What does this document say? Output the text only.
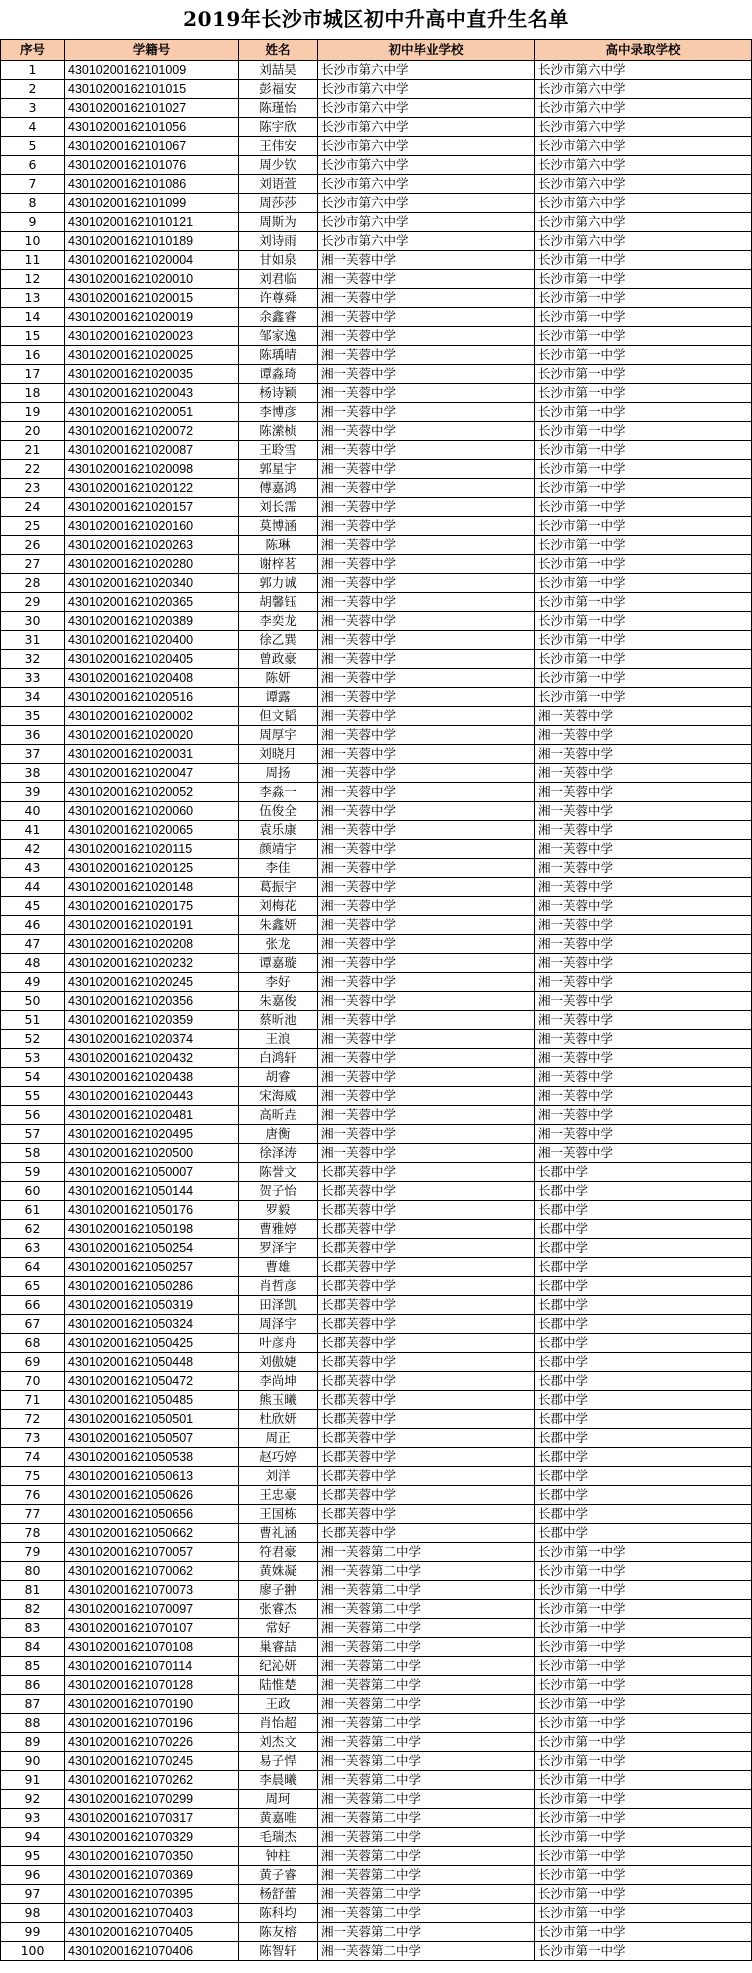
2019年长沙市城区初中升高中直升生名单
序号	学籍号	姓名	初中毕业学校	高中录取学校
1	43010200162101009	刘喆昊	长沙市第六中学	长沙市第六中学
2	43010200162101015	彭福安	长沙市第六中学	长沙市第六中学
3	43010200162101027	陈瑾怡	长沙市第六中学	长沙市第六中学
4	43010200162101056	陈宇欣	长沙市第六中学	长沙市第六中学
5	43010200162101067	王伟安	长沙市第六中学	长沙市第六中学
6	43010200162101076	周少钦	长沙市第六中学	长沙市第六中学
7	43010200162101086	刘语萱	长沙市第六中学	长沙市第六中学
8	43010200162101099	周莎莎	长沙市第六中学	长沙市第六中学
9	430102001621010121	周斯为	长沙市第六中学	长沙市第六中学
10	430102001621010189	刘诗雨	长沙市第六中学	长沙市第六中学
11	430102001621020004	甘如泉	湘一芙蓉中学	长沙市第一中学
12	430102001621020010	刘君临	湘一芙蓉中学	长沙市第一中学
13	430102001621020015	许尊舜	湘一芙蓉中学	长沙市第一中学
14	430102001621020019	余鑫睿	湘一芙蓉中学	长沙市第一中学
15	430102001621020023	邹家逸	湘一芙蓉中学	长沙市第一中学
16	430102001621020025	陈瑀晴	湘一芙蓉中学	长沙市第一中学
17	430102001621020035	谭淼琦	湘一芙蓉中学	长沙市第一中学
18	430102001621020043	杨诗颖	湘一芙蓉中学	长沙市第一中学
19	430102001621020051	李博彦	湘一芙蓉中学	长沙市第一中学
20	430102001621020072	陈潆桢	湘一芙蓉中学	长沙市第一中学
21	430102001621020087	王聆雪	湘一芙蓉中学	长沙市第一中学
22	430102001621020098	郭星宇	湘一芙蓉中学	长沙市第一中学
23	430102001621020122	傅嘉鸿	湘一芙蓉中学	长沙市第一中学
24	430102001621020157	刘长霈	湘一芙蓉中学	长沙市第一中学
25	430102001621020160	莫博涵	湘一芙蓉中学	长沙市第一中学
26	430102001621020263	陈琳	湘一芙蓉中学	长沙市第一中学
27	430102001621020280	谢梓茗	湘一芙蓉中学	长沙市第一中学
28	430102001621020340	郭力诚	湘一芙蓉中学	长沙市第一中学
29	430102001621020365	胡馨钰	湘一芙蓉中学	长沙市第一中学
30	430102001621020389	李奕龙	湘一芙蓉中学	长沙市第一中学
31	430102001621020400	徐乙巽	湘一芙蓉中学	长沙市第一中学
32	430102001621020405	曾政豪	湘一芙蓉中学	长沙市第一中学
33	430102001621020408	陈妍	湘一芙蓉中学	长沙市第一中学
34	430102001621020516	谭露	湘一芙蓉中学	长沙市第一中学
35	430102001621020002	但文韬	湘一芙蓉中学	湘一芙蓉中学
36	430102001621020020	周厚宇	湘一芙蓉中学	湘一芙蓉中学
37	430102001621020031	刘晓月	湘一芙蓉中学	湘一芙蓉中学
38	430102001621020047	周扬	湘一芙蓉中学	湘一芙蓉中学
39	430102001621020052	李淼一	湘一芙蓉中学	湘一芙蓉中学
40	430102001621020060	伍俊全	湘一芙蓉中学	湘一芙蓉中学
41	430102001621020065	袁乐康	湘一芙蓉中学	湘一芙蓉中学
42	430102001621020115	颜靖宇	湘一芙蓉中学	湘一芙蓉中学
43	430102001621020125	李佳	湘一芙蓉中学	湘一芙蓉中学
44	430102001621020148	葛振宇	湘一芙蓉中学	湘一芙蓉中学
45	430102001621020175	刘梅花	湘一芙蓉中学	湘一芙蓉中学
46	430102001621020191	朱鑫妍	湘一芙蓉中学	湘一芙蓉中学
47	430102001621020208	张龙	湘一芙蓉中学	湘一芙蓉中学
48	430102001621020232	谭嘉璇	湘一芙蓉中学	湘一芙蓉中学
49	430102001621020245	李好	湘一芙蓉中学	湘一芙蓉中学
50	430102001621020356	朱嘉俊	湘一芙蓉中学	湘一芙蓉中学
51	430102001621020359	蔡昕池	湘一芙蓉中学	湘一芙蓉中学
52	430102001621020374	王浪	湘一芙蓉中学	湘一芙蓉中学
53	430102001621020432	白鸿轩	湘一芙蓉中学	湘一芙蓉中学
54	430102001621020438	胡睿	湘一芙蓉中学	湘一芙蓉中学
55	430102001621020443	宋海威	湘一芙蓉中学	湘一芙蓉中学
56	430102001621020481	高昕垚	湘一芙蓉中学	湘一芙蓉中学
57	430102001621020495	唐衡	湘一芙蓉中学	湘一芙蓉中学
58	430102001621020500	徐泽涛	湘一芙蓉中学	湘一芙蓉中学
59	430102001621050007	陈誉文	长郡芙蓉中学	长郡中学
60	430102001621050144	贺子怡	长郡芙蓉中学	长郡中学
61	430102001621050176	罗毅	长郡芙蓉中学	长郡中学
62	430102001621050198	曹雅婷	长郡芙蓉中学	长郡中学
63	430102001621050254	罗泽宇	长郡芙蓉中学	长郡中学
64	430102001621050257	曹雄	长郡芙蓉中学	长郡中学
65	430102001621050286	肖哲彦	长郡芙蓉中学	长郡中学
66	430102001621050319	田泽凯	长郡芙蓉中学	长郡中学
67	430102001621050324	周泽宇	长郡芙蓉中学	长郡中学
68	430102001621050425	叶彦舟	长郡芙蓉中学	长郡中学
69	430102001621050448	刘傲婕	长郡芙蓉中学	长郡中学
70	430102001621050472	李尚坤	长郡芙蓉中学	长郡中学
71	430102001621050485	熊玉曦	长郡芙蓉中学	长郡中学
72	430102001621050501	杜欣妍	长郡芙蓉中学	长郡中学
73	430102001621050507	周正	长郡芙蓉中学	长郡中学
74	430102001621050538	赵巧婷	长郡芙蓉中学	长郡中学
75	430102001621050613	刘洋	长郡芙蓉中学	长郡中学
76	430102001621050626	王忠豪	长郡芙蓉中学	长郡中学
77	430102001621050656	王国栋	长郡芙蓉中学	长郡中学
78	430102001621050662	曹礼涵	长郡芙蓉中学	长郡中学
79	430102001621070057	符君豪	湘一芙蓉第二中学	长沙市第一中学
80	430102001621070062	黄姝凝	湘一芙蓉第二中学	长沙市第一中学
81	430102001621070073	廖子翀	湘一芙蓉第二中学	长沙市第一中学
82	430102001621070097	张睿杰	湘一芙蓉第二中学	长沙市第一中学
83	430102001621070107	常好	湘一芙蓉第二中学	长沙市第一中学
84	430102001621070108	巢睿喆	湘一芙蓉第二中学	长沙市第一中学
85	430102001621070114	纪沁妍	湘一芙蓉第二中学	长沙市第一中学
86	430102001621070128	陆惟楚	湘一芙蓉第二中学	长沙市第一中学
87	430102001621070190	王政	湘一芙蓉第二中学	长沙市第一中学
88	430102001621070196	肖怡超	湘一芙蓉第二中学	长沙市第一中学
89	430102001621070226	刘杰文	湘一芙蓉第二中学	长沙市第一中学
90	430102001621070245	易子悍	湘一芙蓉第二中学	长沙市第一中学
91	430102001621070262	李晨曦	湘一芙蓉第二中学	长沙市第一中学
92	430102001621070299	周珂	湘一芙蓉第二中学	长沙市第一中学
93	430102001621070317	黄嘉唯	湘一芙蓉第二中学	长沙市第一中学
94	430102001621070329	毛瑞杰	湘一芙蓉第二中学	长沙市第一中学
95	430102001621070350	钟柱	湘一芙蓉第二中学	长沙市第一中学
96	430102001621070369	黄子睿	湘一芙蓉第二中学	长沙市第一中学
97	430102001621070395	杨舒蕾	湘一芙蓉第二中学	长沙市第一中学
98	430102001621070403	陈科均	湘一芙蓉第二中学	长沙市第一中学
99	430102001621070405	陈友榕	湘一芙蓉第二中学	长沙市第一中学
100	430102001621070406	陈智轩	湘一芙蓉第二中学	长沙市第一中学
